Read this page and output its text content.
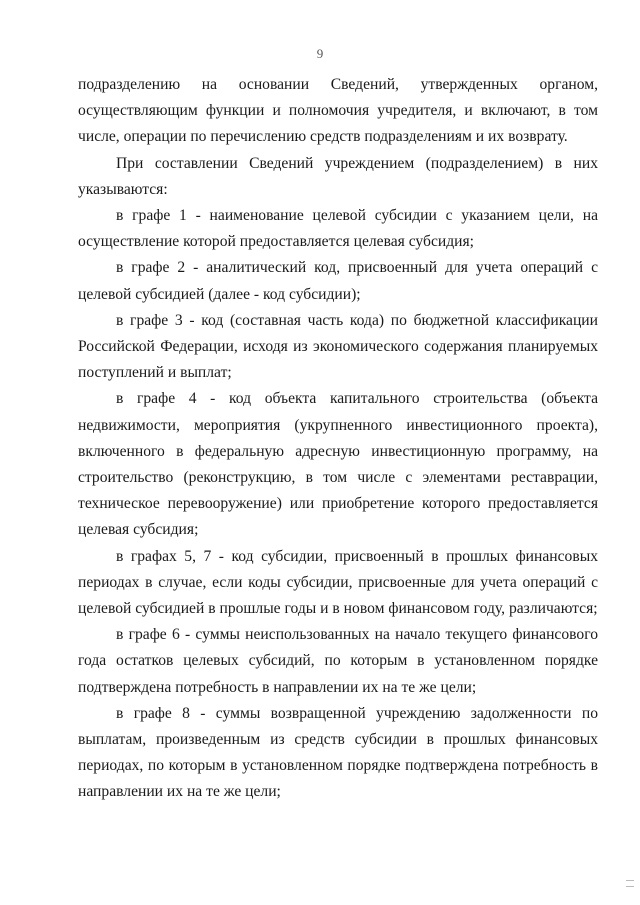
9

подразделению на основании Сведений, утвержденных органом, осуществляющим функции и полномочия учредителя, и включают, в том числе, операции по перечислению средств подразделениям и их возврату.

При составлении Сведений учреждением (подразделением) в них указываются:

в графе 1 - наименование целевой субсидии с указанием цели, на осуществление которой предоставляется целевая субсидия;

в графе 2 - аналитический код, присвоенный для учета операций с целевой субсидией (далее - код субсидии);

в графе 3 - код (составная часть кода) по бюджетной классификации Российской Федерации, исходя из экономического содержания планируемых поступлений и выплат;

в графе 4 - код объекта капитального строительства (объекта недвижимости, мероприятия (укрупненного инвестиционного проекта), включенного в федеральную адресную инвестиционную программу, на строительство (реконструкцию, в том числе с элементами реставрации, техническое перевооружение) или приобретение которого предоставляется целевая субсидия;

в графах 5, 7 - код субсидии, присвоенный в прошлых финансовых периодах в случае, если коды субсидии, присвоенные для учета операций с целевой субсидией в прошлые годы и в новом финансовом году, различаются;

в графе 6 - суммы неиспользованных на начало текущего финансового года остатков целевых субсидий, по которым в установленном порядке подтверждена потребность в направлении их на те же цели;

в графе 8 - суммы возвращенной учреждению задолженности по выплатам, произведенным из средств субсидии в прошлых финансовых периодах, по которым в установленном порядке подтверждена потребность в направлении их на те же цели;
